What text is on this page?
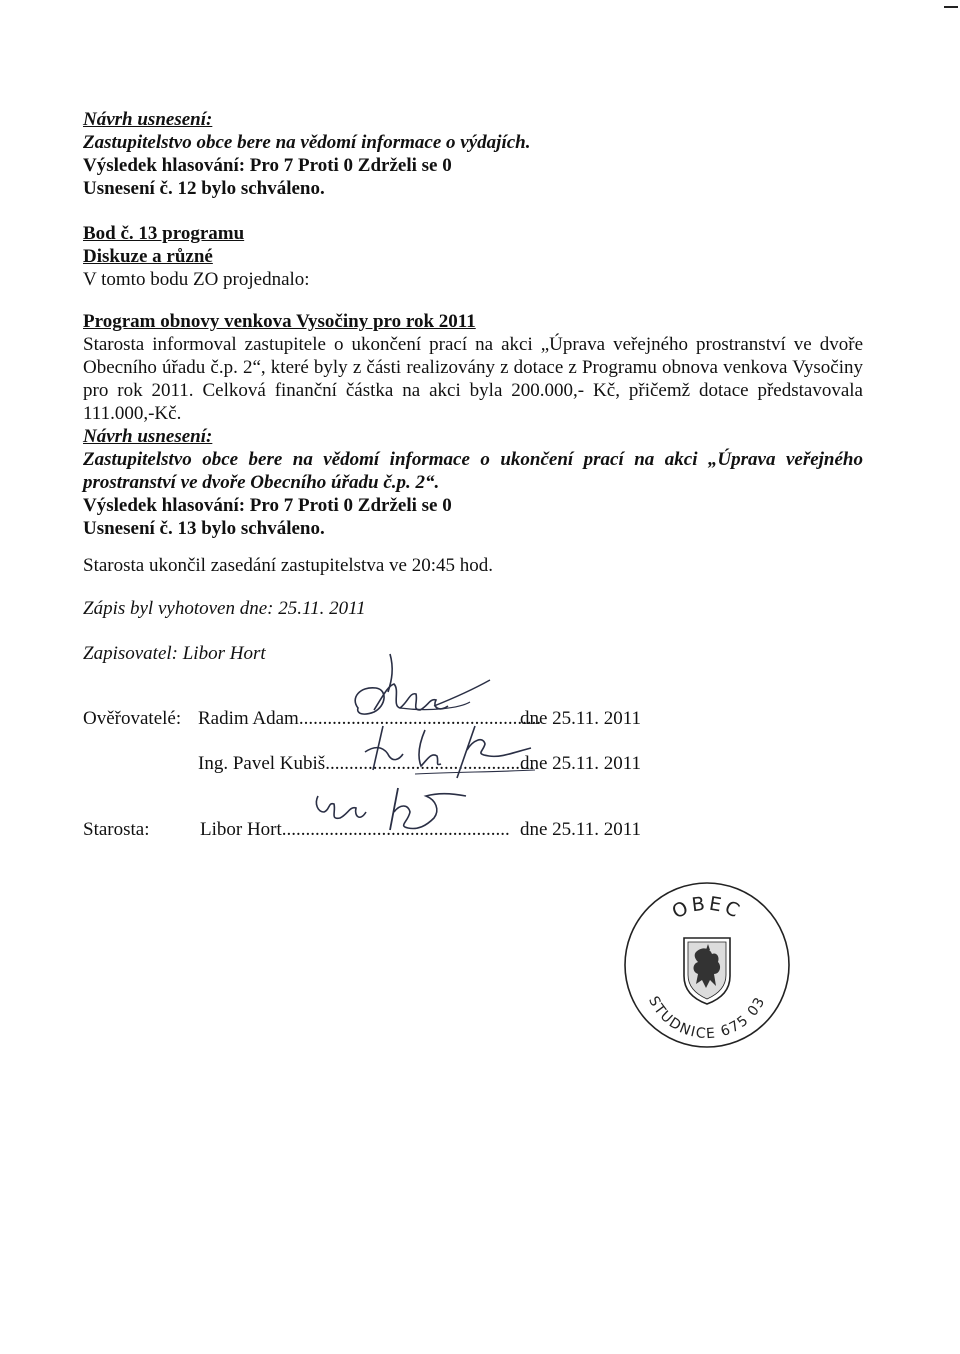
Návrh usnesení:
Zastupitelstvo obce bere na vědomí informace o výdajích.
Výsledek hlasování: Pro 7 Proti 0 Zdrželi se 0
Usnesení č. 12 bylo schváleno.
Bod č. 13 programu
Diskuze a různé
V tomto bodu ZO projednalo:
Program obnovy venkova Vysočiny pro rok 2011
Starosta informoval zastupitele o ukončení prací na akci „Úprava veřejného prostranství ve dvoře Obecního úřadu č.p. 2“, které byly z části realizovány z dotace z Programu obnova venkova Vysočiny pro rok 2011. Celková finanční částka na akci byla 200.000,- Kč, přičemž dotace představovala 111.000,-Kč.
Návrh usnesení:
Zastupitelstvo obce bere na vědomí informace o ukončení prací na akci „Úprava veřejného prostranství ve dvoře Obecního úřadu č.p. 2“.
Výsledek hlasování: Pro 7 Proti 0 Zdrželi se 0
Usnesení č. 13 bylo schváleno.
Starosta ukončil zasedání zastupitelstva ve 20:45 hod.
Zápis byl vyhotoven dne: 25.11. 2011
Zapisovatel: Libor Hort
Ověřovatelé: Radim Adam...................................................
dne 25.11. 2011
Ing. Pavel Kubiš............................................
dne 25.11. 2011
Starosta:	Libor Hort................................................ dne 25.11. 2011
OBEC
STUDNICE 675 03
